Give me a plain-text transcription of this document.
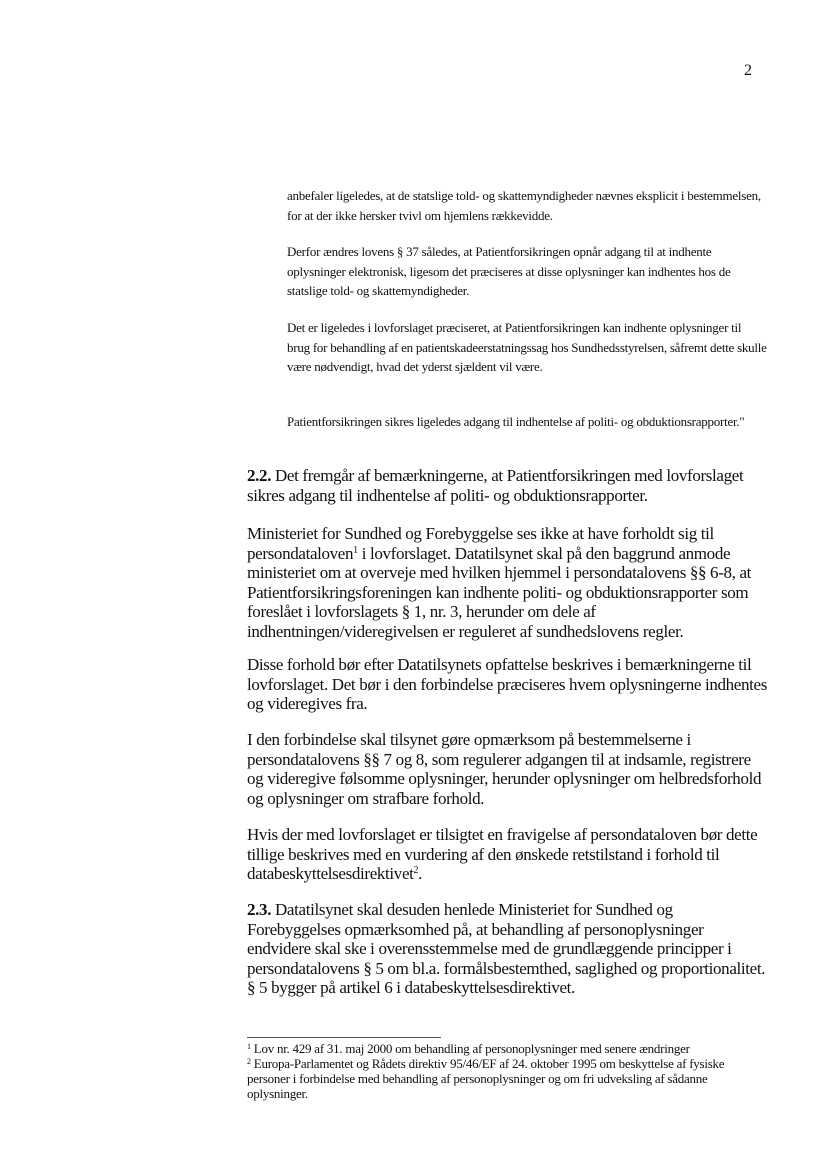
2

anbefaler ligeledes, at de statslige told- og skattemyndigheder nævnes eksplicit i bestemmelsen, for at der ikke hersker tvivl om hjemlens rækkevidde.

Derfor ændres lovens § 37 således, at Patientforsikringen opnår adgang til at indhente oplysninger elektronisk, ligesom det præciseres at disse oplysninger kan indhentes hos de statslige told- og skattemyndigheder.

Det er ligeledes i lovforslaget præciseret, at Patientforsikringen kan indhente oplysninger til brug for behandling af en patientskadeerstatningssag hos Sundhedsstyrelsen, såfremt dette skulle være nødvendigt, hvad det yderst sjældent vil være.

Patientforsikringen sikres ligeledes adgang til indhentelse af politi- og obduktionsrapporter."

2.2. Det fremgår af bemærkningerne, at Patientforsikringen med lovforslaget sikres adgang til indhentelse af politi- og obduktionsrapporter.

Ministeriet for Sundhed og Forebyggelse ses ikke at have forholdt sig til persondataloven$^1$ i lovforslaget. Datatilsynet skal på den baggrund anmode ministeriet om at overveje med hvilken hjemmel i persondatalovens §§ 6-8, at Patientforsikringsforeningen kan indhente politi- og obduktionsrapporter som foreslået i lovforslagets § 1, nr. 3, herunder om dele af indhentningen/videregivelsen er reguleret af sundhedslovens regler.

Disse forhold bør efter Datatilsynets opfattelse beskrives i bemærkningerne til lovforslaget. Det bør i den forbindelse præciseres hvem oplysningerne indhentes og videregives fra.

I den forbindelse skal tilsynet gøre opmærksom på bestemmelserne i persondatalovens §§ 7 og 8, som regulerer adgangen til at indsamle, registrere og videregive følsomme oplysninger, herunder oplysninger om helbredsforhold og oplysninger om strafbare forhold.

Hvis der med lovforslaget er tilsigtet en fravigelse af persondataloven bør dette tillige beskrives med en vurdering af den ønskede retstilstand i forhold til databeskyttelsesdirektivet$^2$.

2.3. Datatilsynet skal desuden henlede Ministeriet for Sundhed og Forebyggelses opmærksomhed på, at behandling af personoplysninger endvidere skal ske i overensstemmelse med de grundlæggende principper i persondatalovens § 5 om bl.a. formålsbestemthed, saglighed og proportionalitet. § 5 bygger på artikel 6 i databeskyttelsesdirektivet.

$^1$ Lov nr. 429 af 31. maj 2000 om behandling af personoplysninger med senere ændringer

$^2$ Europa-Parlamentet og Rådets direktiv 95/46/EF af 24. oktober 1995 om beskyttelse af fysiske personer i forbindelse med behandling af personoplysninger og om fri udveksling af sådanne oplysninger.
